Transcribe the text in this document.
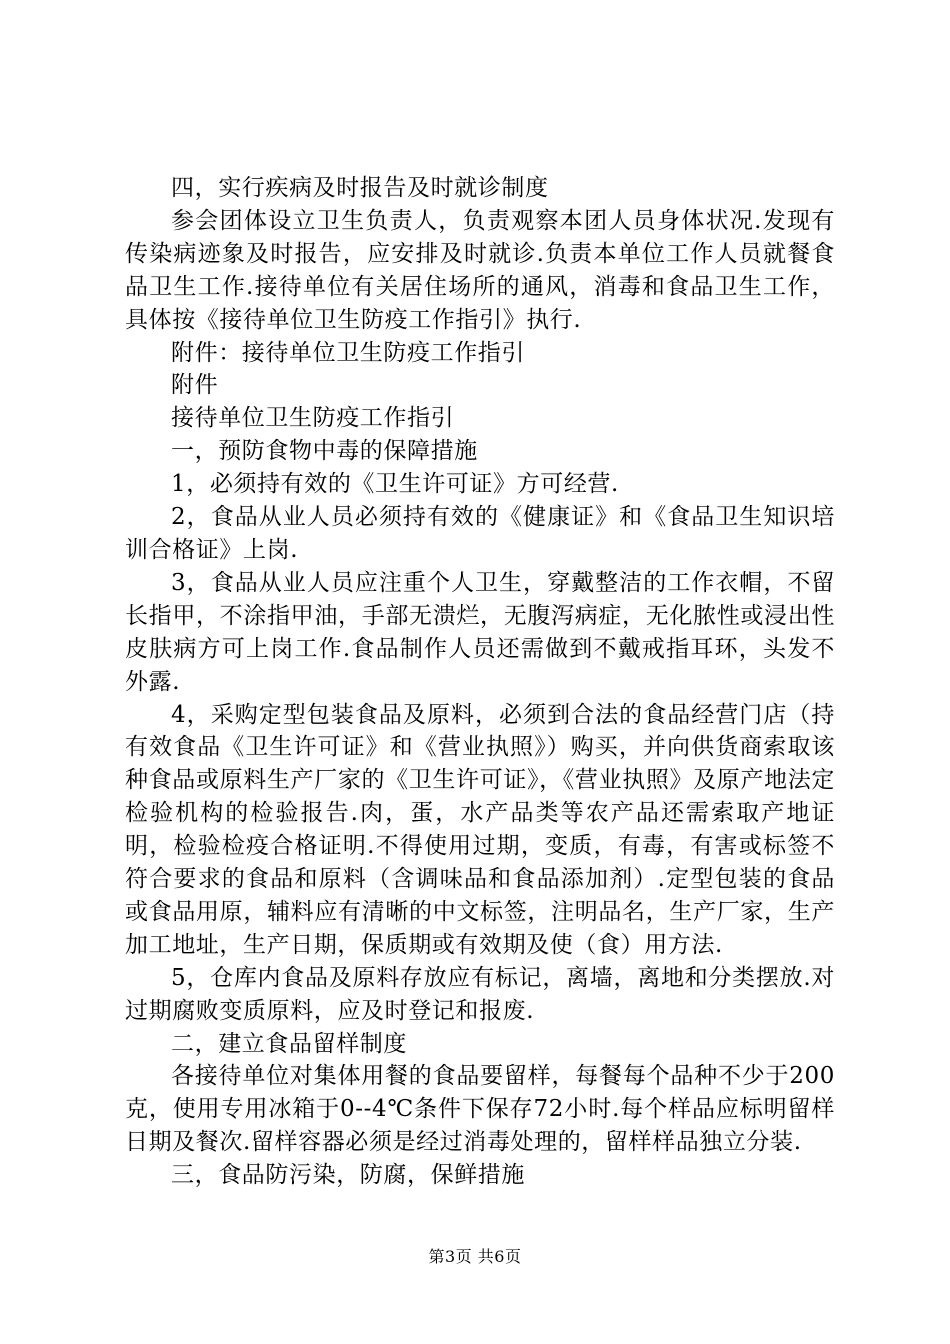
四，实行疾病及时报告及时就诊制度

参会团体设立卫生负责人，负责观察本团人员身体状况.发现有传染病迹象及时报告，应安排及时就诊.负责本单位工作人员就餐食品卫生工作.接待单位有关居住场所的通风，消毒和食品卫生工作，具体按《接待单位卫生防疫工作指引》执行.

附件：接待单位卫生防疫工作指引

附件

接待单位卫生防疫工作指引

一，预防食物中毒的保障措施

1，必须持有效的《卫生许可证》方可经营.

2，食品从业人员必须持有效的《健康证》和《食品卫生知识培训合格证》上岗.

3，食品从业人员应注重个人卫生，穿戴整洁的工作衣帽，不留长指甲，不涂指甲油，手部无溃烂，无腹泻病症，无化脓性或浸出性皮肤病方可上岗工作.食品制作人员还需做到不戴戒指耳环，头发不外露.

4，采购定型包装食品及原料，必须到合法的食品经营门店（持有效食品《卫生许可证》和《营业执照》）购买，并向供货商索取该种食品或原料生产厂家的《卫生许可证》，《营业执照》及原产地法定检验机构的检验报告.肉，蛋，水产品类等农产品还需索取产地证明，检验检疫合格证明.不得使用过期，变质，有毒，有害或标签不符合要求的食品和原料（含调味品和食品添加剂）.定型包装的食品或食品用原，辅料应有清晰的中文标签，注明品名，生产厂家，生产加工地址，生产日期，保质期或有效期及使（食）用方法.

5，仓库内食品及原料存放应有标记，离墙，离地和分类摆放.对过期腐败变质原料，应及时登记和报废.

二，建立食品留样制度

各接待单位对集体用餐的食品要留样，每餐每个品种不少于200克，使用专用冰箱于0--4℃条件下保存72小时.每个样品应标明留样日期及餐次.留样容器必须是经过消毒处理的，留样样品独立分装.

三，食品防污染，防腐，保鲜措施

第3页 共6页
